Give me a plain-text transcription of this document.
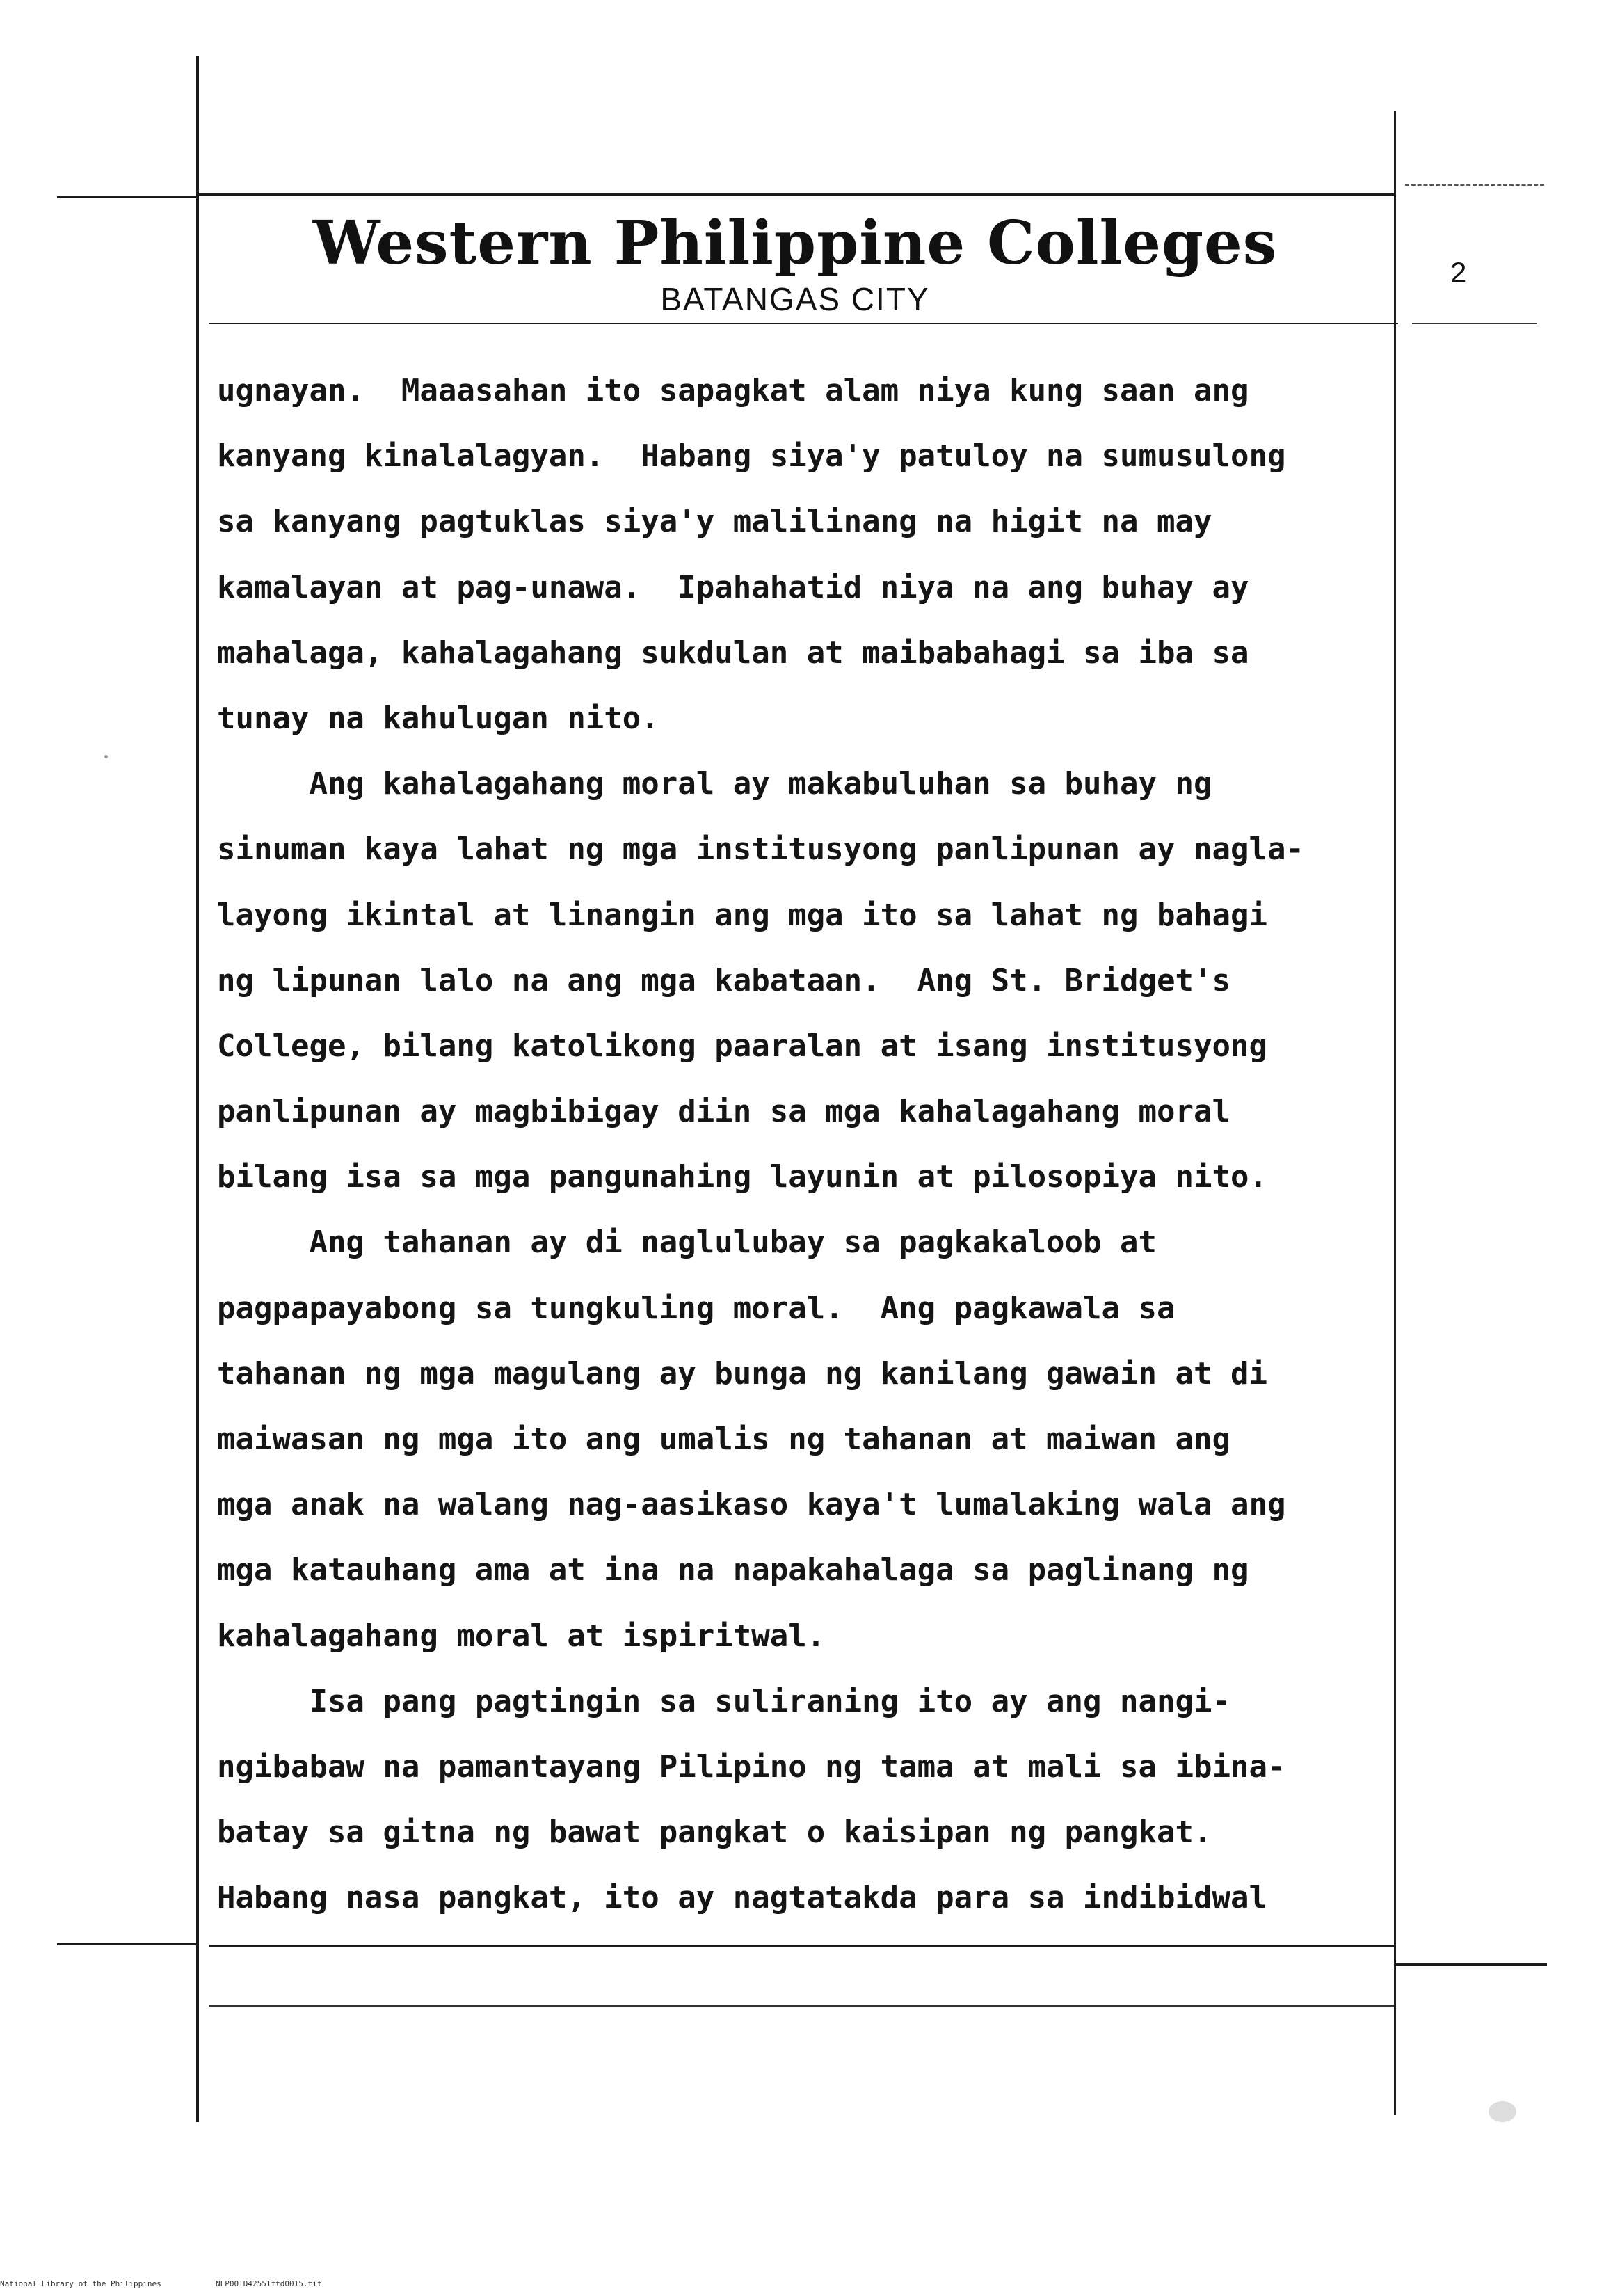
Western Philippine Colleges
BATANGAS CITY
2
ugnayan.  Maaasahan ito sapagkat alam niya kung saan ang
kanyang kinalalagyan.  Habang siya'y patuloy na sumusulong
sa kanyang pagtuklas siya'y malilinang na higit na may
kamalayan at pag-unawa.  Ipahahatid niya na ang buhay ay
mahalaga, kahalagahang sukdulan at maibabahagi sa iba sa
tunay na kahulugan nito.
Ang kahalagahang moral ay makabuluhan sa buhay ng
sinuman kaya lahat ng mga institusyong panlipunan ay nagla-
layong ikintal at linangin ang mga ito sa lahat ng bahagi
ng lipunan lalo na ang mga kabataan.  Ang St. Bridget's
College, bilang katolikong paaralan at isang institusyong
panlipunan ay magbibigay diin sa mga kahalagahang moral
bilang isa sa mga pangunahing layunin at pilosopiya nito.
Ang tahanan ay di naglulubay sa pagkakaloob at
pagpapayabong sa tungkuling moral.  Ang pagkawala sa
tahanan ng mga magulang ay bunga ng kanilang gawain at di
maiwasan ng mga ito ang umalis ng tahanan at maiwan ang
mga anak na walang nag-aasikaso kaya't lumalaking wala ang
mga katauhang ama at ina na napakahalaga sa paglinang ng
kahalagahang moral at ispiritwal.
Isa pang pagtingin sa suliraning ito ay ang nangi-
ngibabaw na pamantayang Pilipino ng tama at mali sa ibina-
batay sa gitna ng bawat pangkat o kaisipan ng pangkat.
Habang nasa pangkat, ito ay nagtatakda para sa indibidwal
National Library of the Philippines	NLP00TD42551ftd0015.tif
